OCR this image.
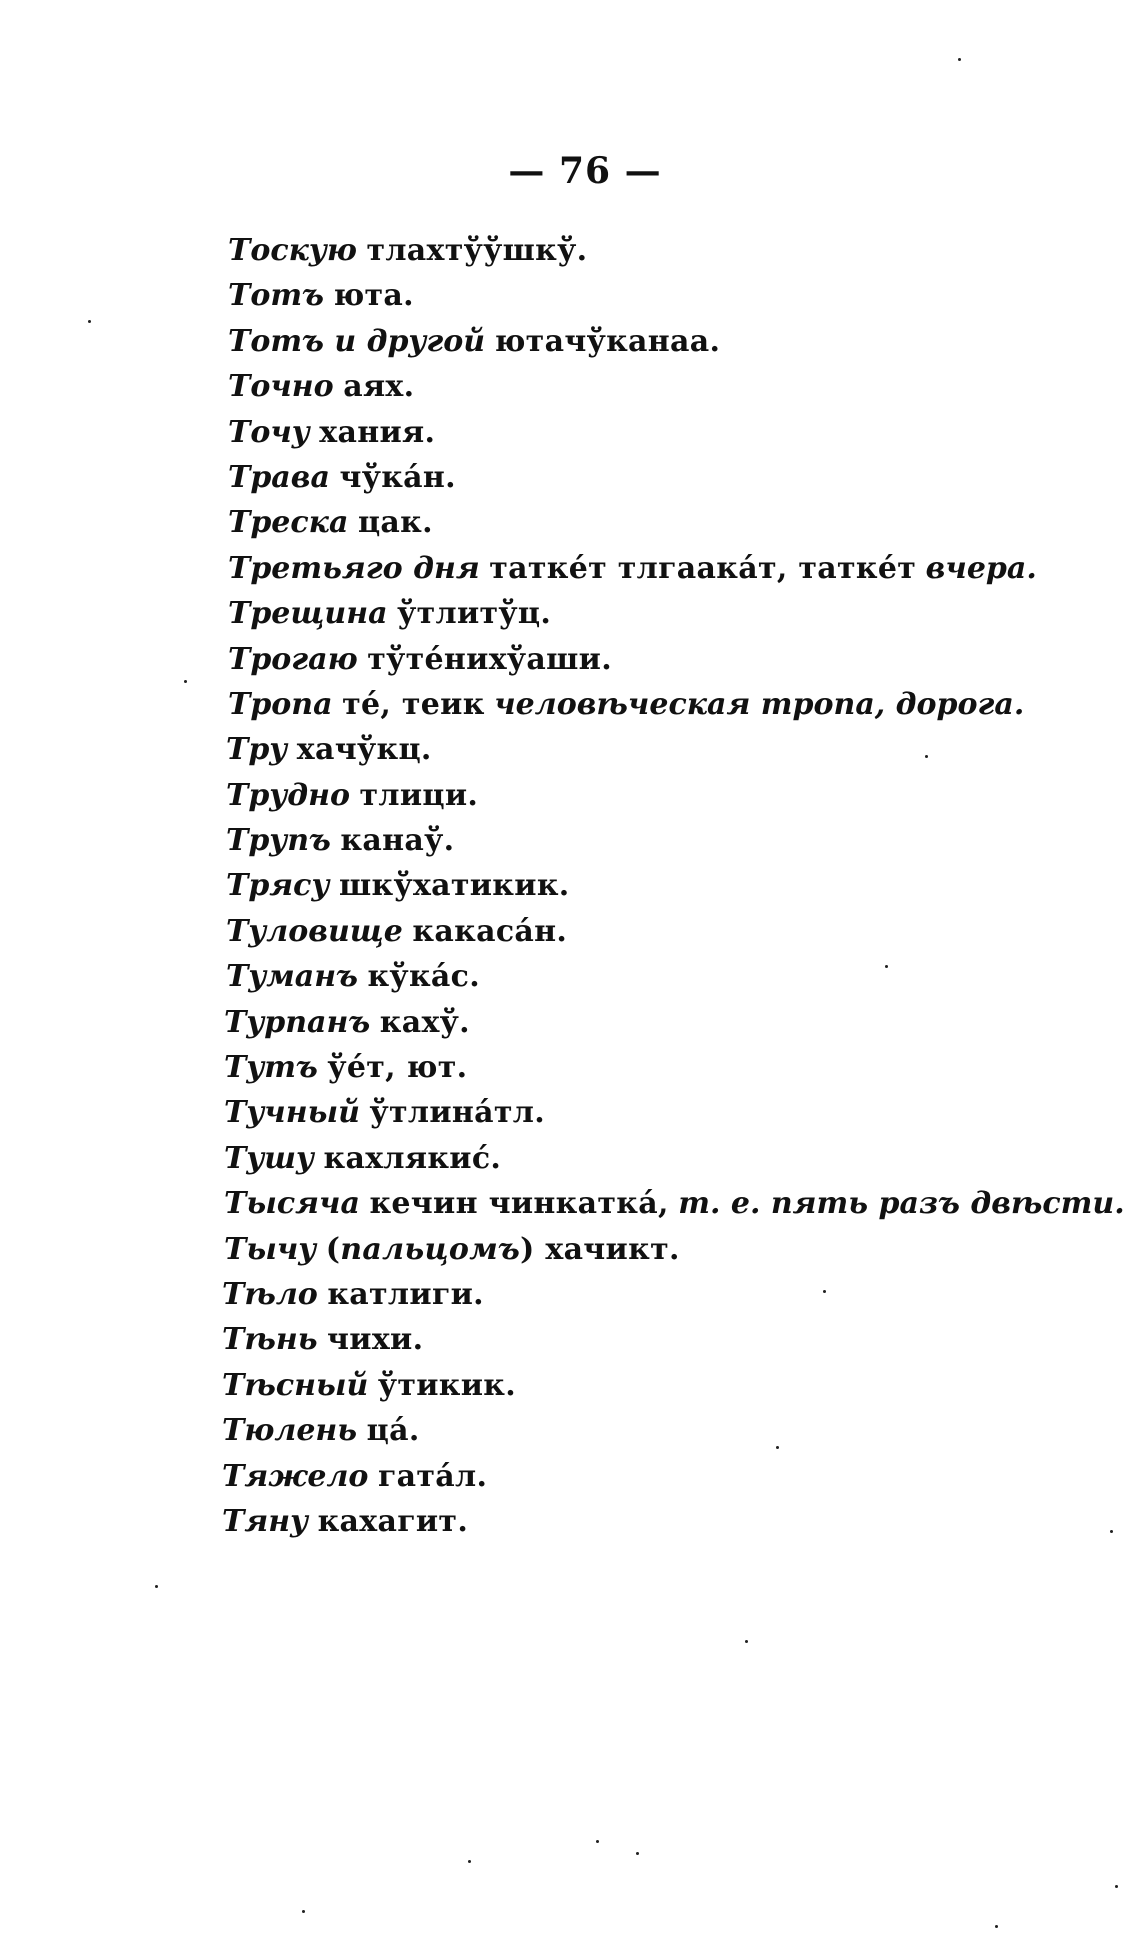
— 76 —
Тоскую тлахтўўшкў.
Тотъ юта.
Тотъ и другой ютачўканаа.
Точно аяx.
Точу хания.
Трава чўкáн.
Треска цак.
Третьяго дня таткéт тлгаакáт, таткéт вчера.
Трещина ўтлитўц.
Трогаю тўтéнихўаши.
Тропа тé, теик человѣческая тропа, дорога.
Тру хачўкц.
Трудно тлици.
Трупъ канаў.
Трясу шкўхатикик.
Туловище какасáн.
Туманъ кўкáс.
Турпанъ кахў.
Тутъ ўéт, ют.
Тучный ўтлинáтл.
Тушу кахлякиć.
Тысяча кечин чинкаткá, т. е. пять разъ двѣсти.
Тычу (пальцомъ) хачикт.
Тѣло катлиги.
Тѣнь чихи.
Тѣсный ўтикик.
Тюлень цá.
Тяжело гатáл.
Тяну кахагит.
